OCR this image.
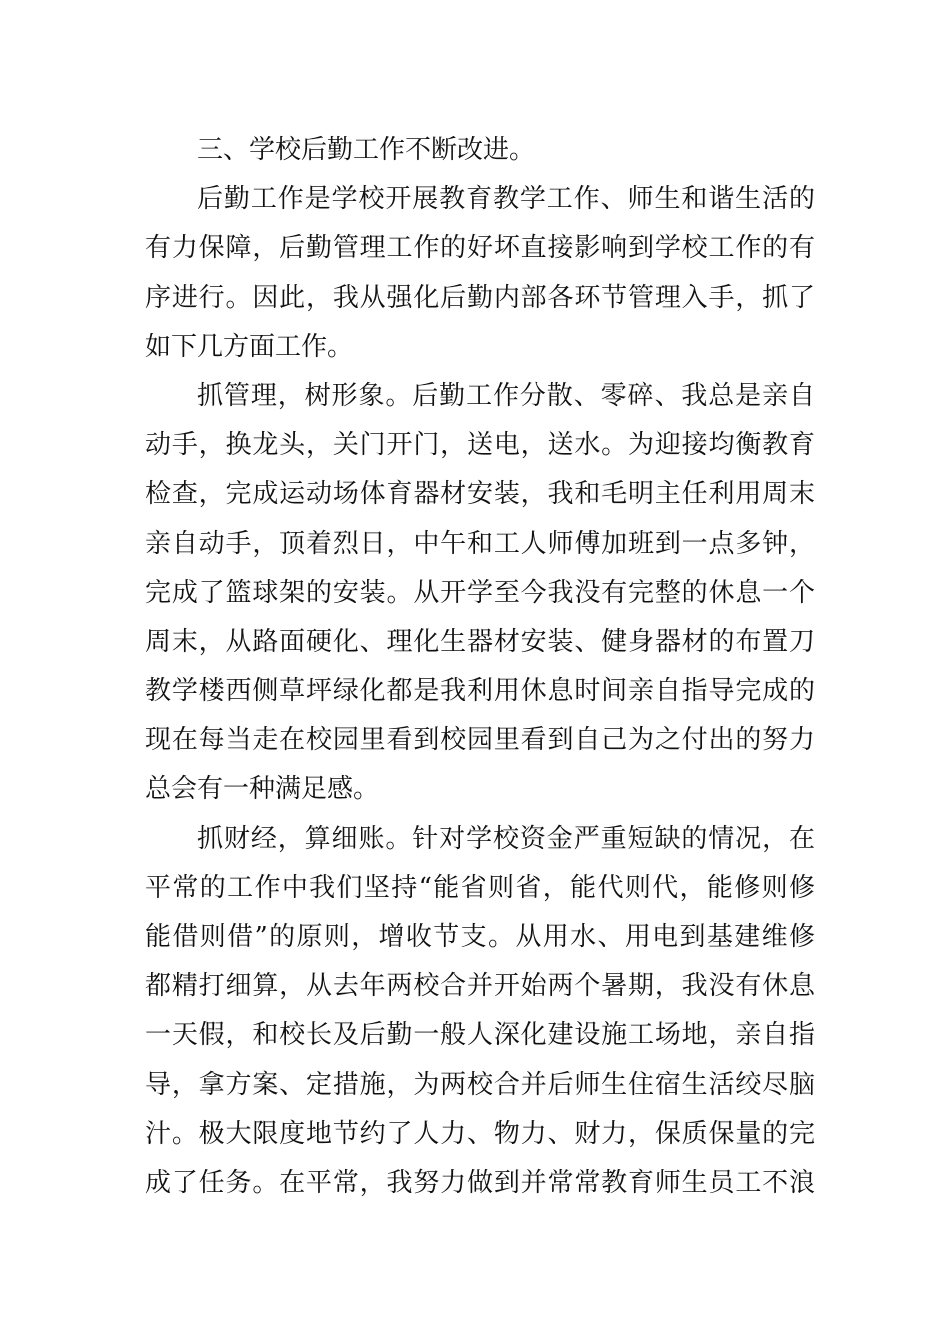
三、学校后勤工作不断改进。
后勤工作是学校开展教育教学工作、师生和谐生活的
有力保障，后勤管理工作的好坏直接影响到学校工作的有
序进行。因此，我从强化后勤内部各环节管理入手，抓了
如下几方面工作。
抓管理，树形象。后勤工作分散、零碎、我总是亲自
动手，换龙头，关门开门，送电，送水。为迎接均衡教育
检查，完成运动场体育器材安装，我和毛明主任利用周末
亲自动手，顶着烈日，中午和工人师傅加班到一点多钟，
完成了篮球架的安装。从开学至今我没有完整的休息一个
周末，从路面硬化、理化生器材安装、健身器材的布置刀
教学楼西侧草坪绿化都是我利用休息时间亲自指导完成的
现在每当走在校园里看到校园里看到自己为之付出的努力
总会有一种满足感。
抓财经，算细账。针对学校资金严重短缺的情况，在
平常的工作中我们坚持“能省则省，能代则代，能修则修
能借则借”的原则，增收节支。从用水、用电到基建维修
都精打细算，从去年两校合并开始两个暑期，我没有休息
一天假，和校长及后勤一般人深化建设施工场地，亲自指
导，拿方案、定措施，为两校合并后师生住宿生活绞尽脑
汁。极大限度地节约了人力、物力、财力，保质保量的完
成了任务。在平常，我努力做到并常常教育师生员工不浪
